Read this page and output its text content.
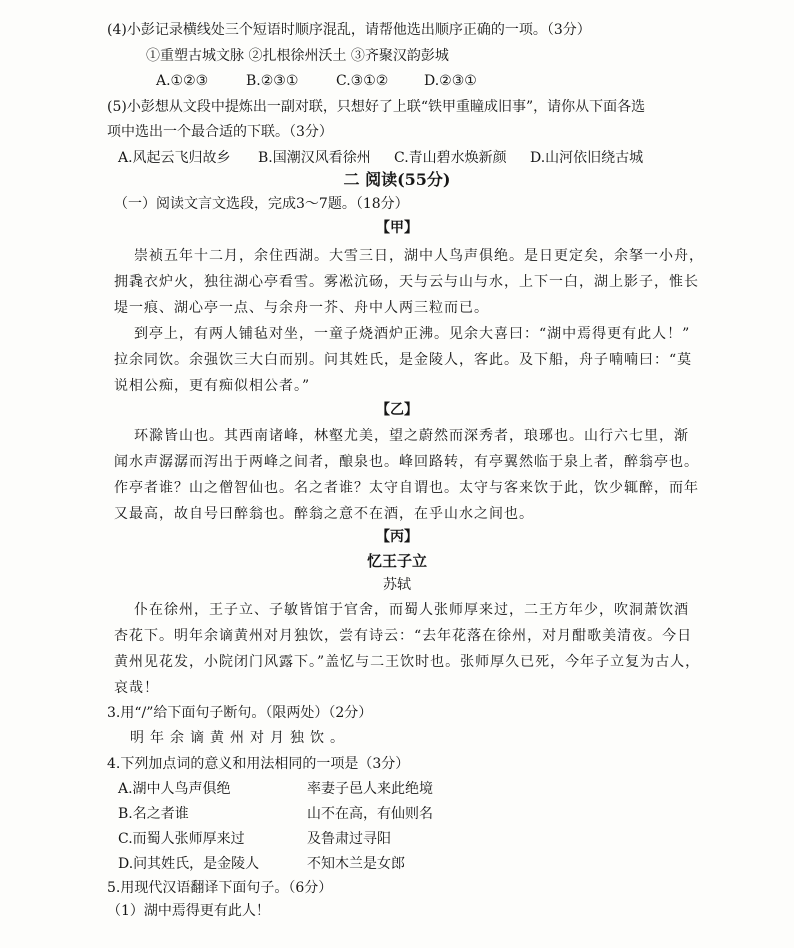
(4)小彭记录横线处三个短语时顺序混乱，请帮他选出顺序正确的一项。（3分）
①重塑古城文脉 ②扎根徐州沃土 ③齐聚汉韵彭城
A.①②③	B.②③①	C.③①②	D.②③①
(5)小彭想从文段中提炼出一副对联，只想好了上联“铁甲重瞳成旧事”，请你从下面各选
项中选出一个最合适的下联。（3分）
A.风起云飞归故乡 B.国潮汉风看徐州 C.青山碧水焕新颜 D.山河依旧绕古城
二 阅读(55分)
（一）阅读文言文选段，完成3～7题。（18分）
【甲】
崇祯五年十二月，余住西湖。大雪三日，湖中人鸟声俱绝。是日更定矣，余拏一小舟，
拥毳衣炉火，独往湖心亭看雪。雾凇沆砀，天与云与山与水，上下一白，湖上影子，惟长
堤一痕、湖心亭一点、与余舟一芥、舟中人两三粒而已。
到亭上，有两人铺毡对坐，一童子烧酒炉正沸。见余大喜曰：“湖中焉得更有此人！”
拉余同饮。余强饮三大白而别。问其姓氏，是金陵人，客此。及下船，舟子喃喃曰：“莫
说相公痴，更有痴似相公者。”
【乙】
环滁皆山也。其西南诸峰，林壑尤美，望之蔚然而深秀者，琅琊也。山行六七里，渐
闻水声潺潺而泻出于两峰之间者，酿泉也。峰回路转，有亭翼然临于泉上者，醉翁亭也。
作亭者谁？山之僧智仙也。名之者谁？太守自谓也。太守与客来饮于此，饮少辄醉，而年
又最高，故自号曰醉翁也。醉翁之意不在酒，在乎山水之间也。
【丙】
忆王子立
苏轼
仆在徐州，王子立、子敏皆馆于官舍，而蜀人张师厚来过，二王方年少，吹洞萧饮酒
杏花下。明年余谪黄州对月独饮，尝有诗云：“去年花落在徐州，对月酣歌美清夜。今日
黄州见花发，小院闭门风露下。”盖忆与二王饮时也。张师厚久已死，今年子立复为古人，
哀哉！
3.用“/”给下面句子断句。（限两处）（2分）
明年余谪黄州对月独饮。
4.下列加点词的意义和用法相同的一项是（3分）
A.湖中人鸟声俱绝	率妻子邑人来此绝境
B.名之者谁	山不在高，有仙则名
C.而蜀人张师厚来过	及鲁肃过寻阳
D.问其姓氏，是金陵人	不知木兰是女郎
5.用现代汉语翻译下面句子。（6分）
（1）湖中焉得更有此人！
